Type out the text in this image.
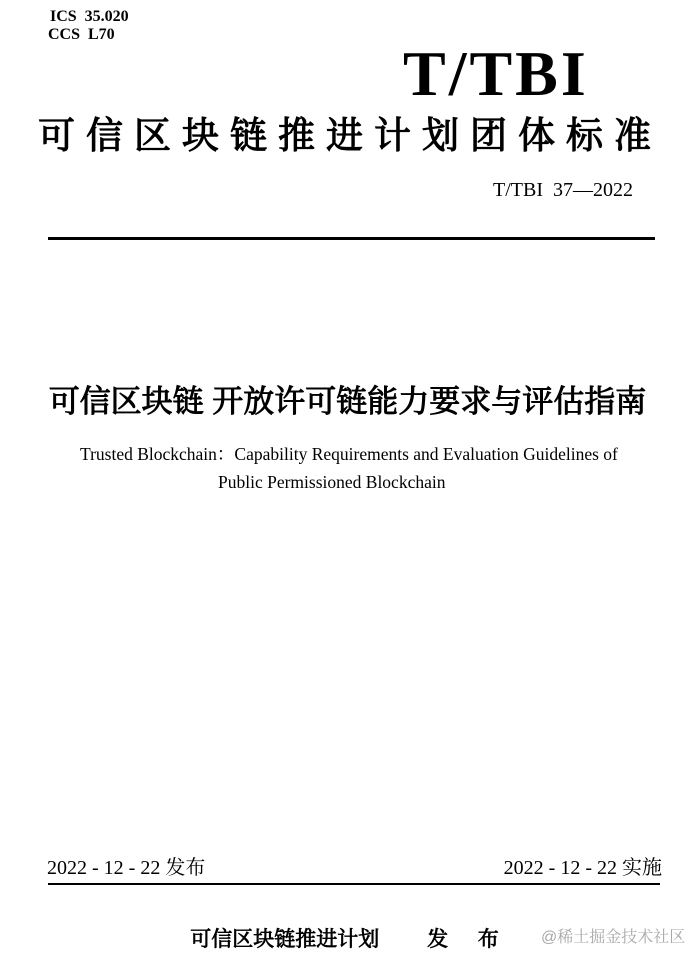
ICS  35.020
CCS  L70
T/TBI
可信区块链推进计划团体标准
T/TBI  37—2022
可信区块链 开放许可链能力要求与评估指南
Trusted Blockchain：Capability Requirements and Evaluation Guidelines of
Public Permissioned Blockchain
2022 - 12 - 22 发布	2022 - 12 - 22 实施
可信区块链推进计划 发  布	@稀土掘金技术社区
